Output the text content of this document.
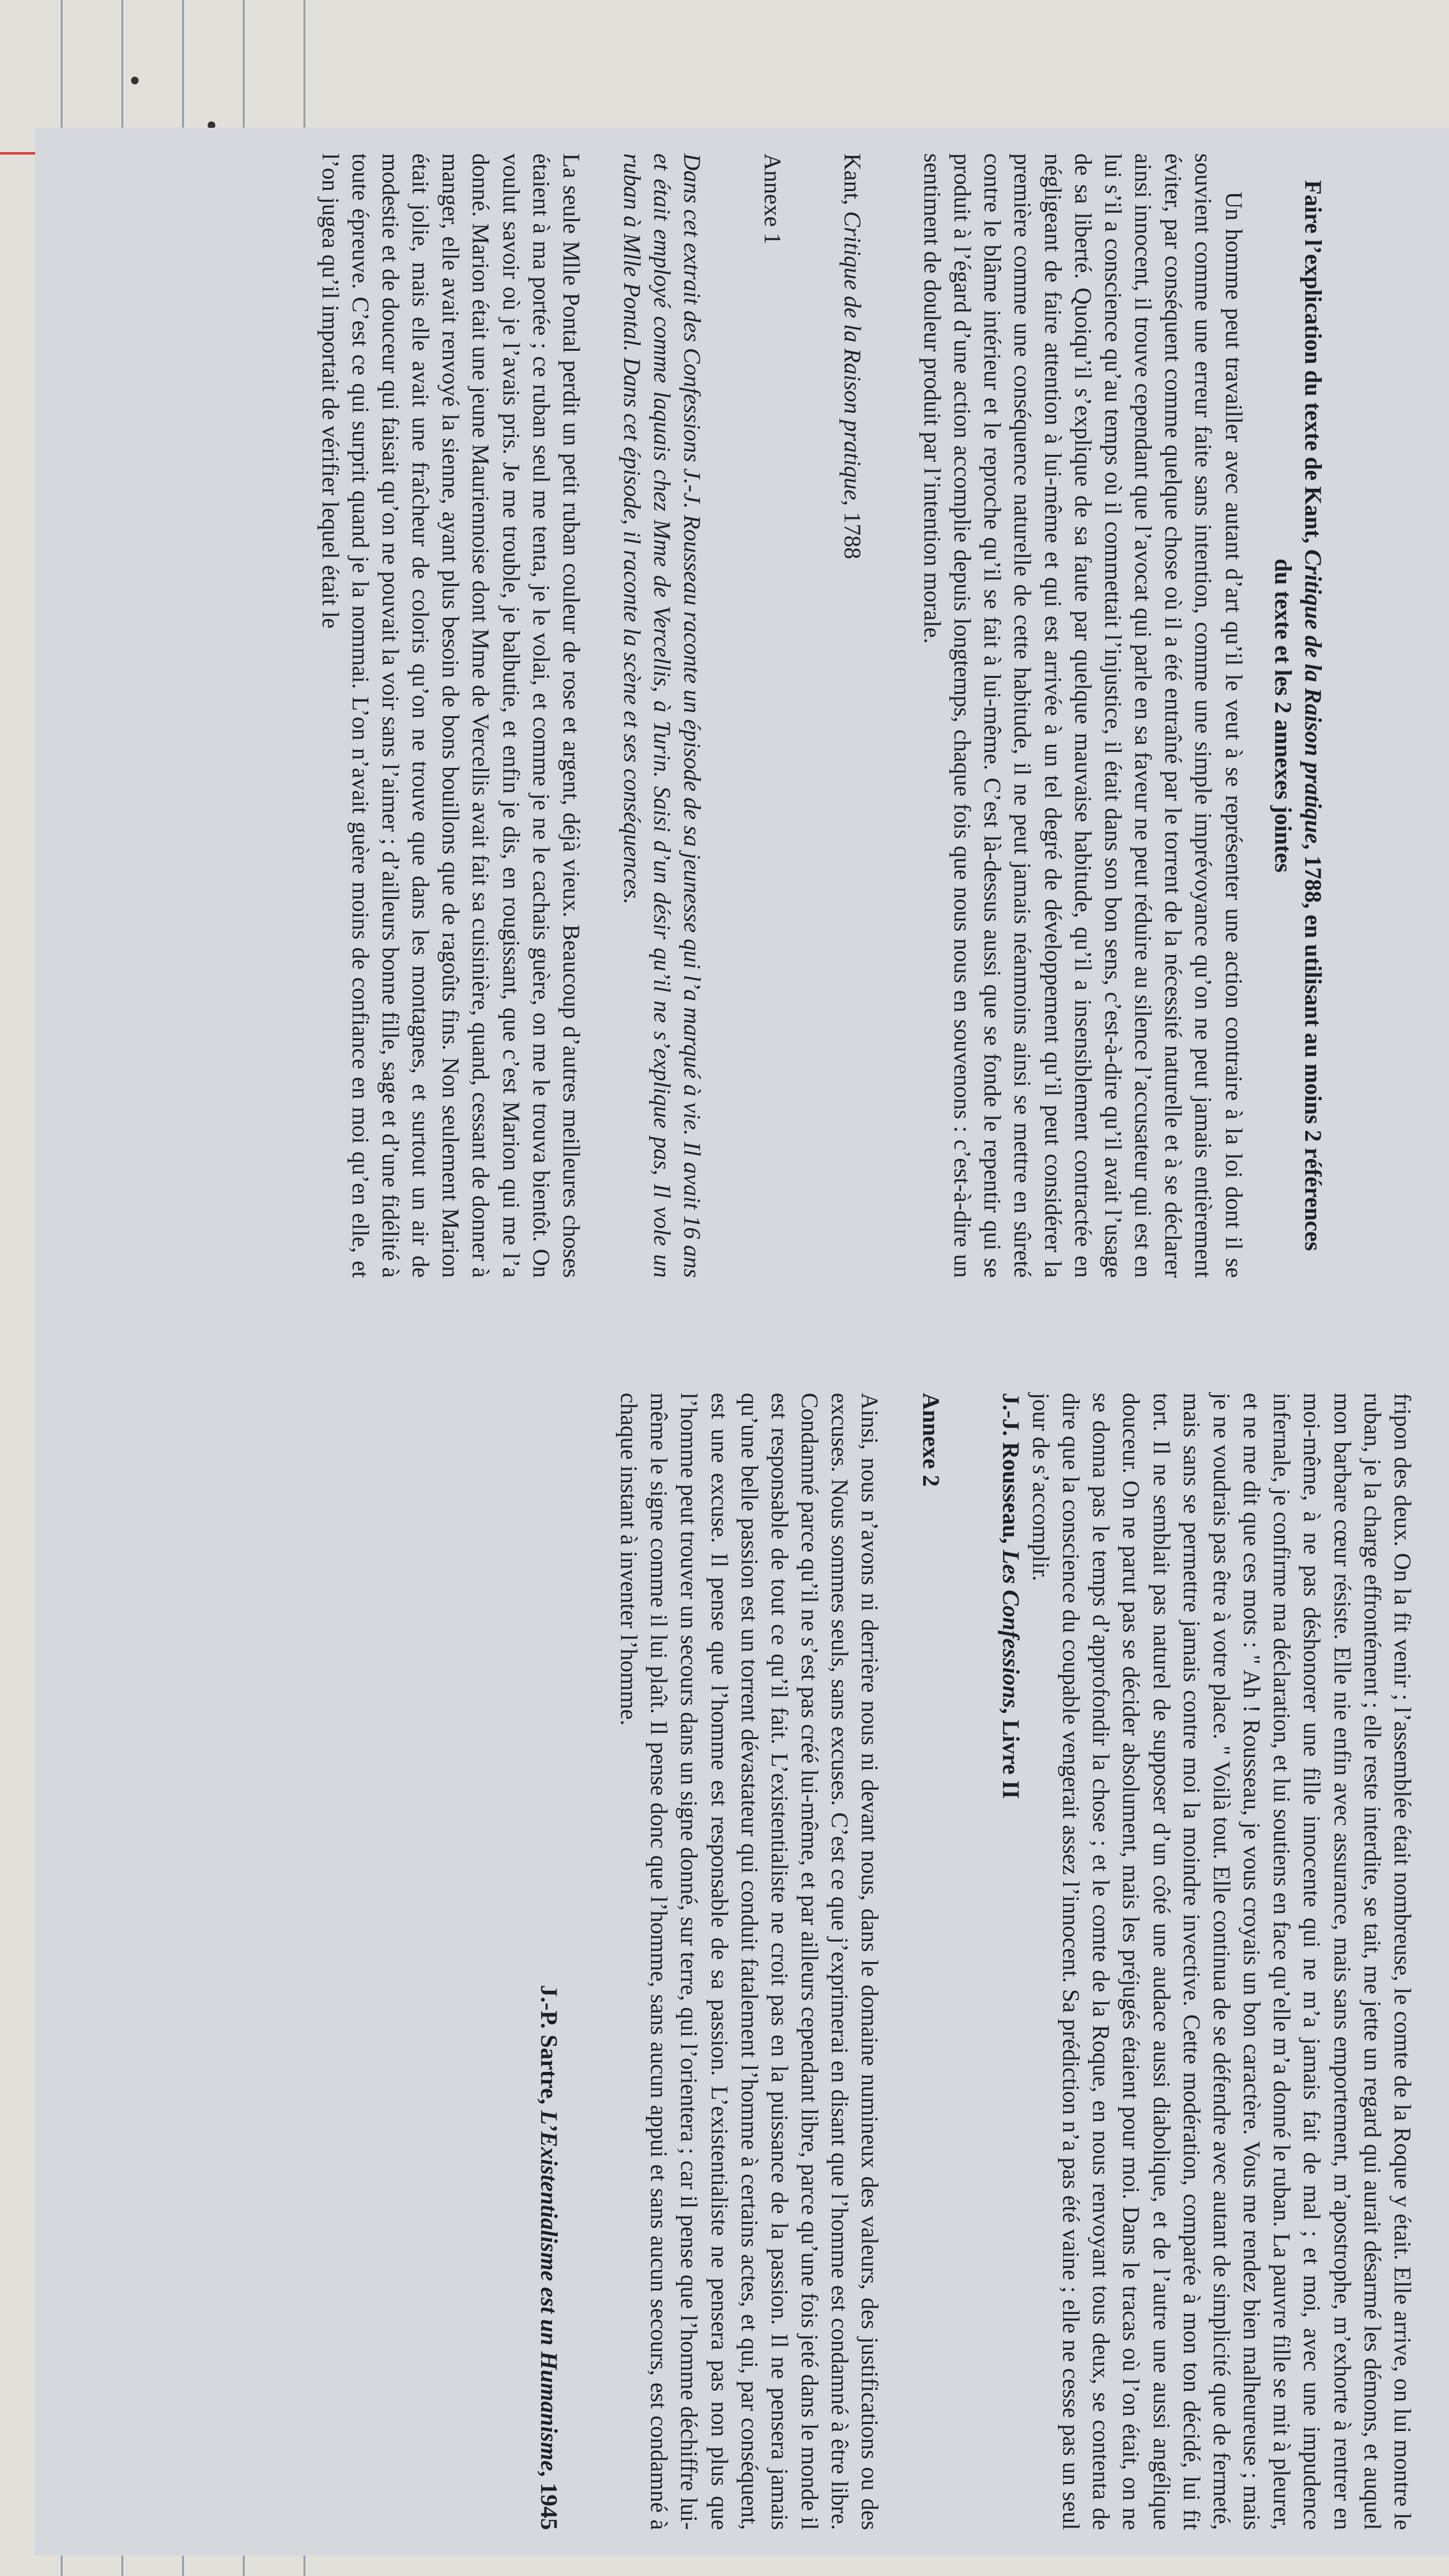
Faire l’explication du texte de Kant, Critique de la Raison pratique, 1788, en utilisant au moins 2 références du texte et les 2 annexes jointes

Un homme peut travailler avec autant d’art qu’il le veut à se représenter une action contraire à la loi dont il se souvient comme une erreur faite sans intention, comme une simple imprévoyance qu’on ne peut jamais entièrement éviter, par conséquent comme quelque chose où il a été entraîné par le torrent de la nécessité naturelle et à se déclarer ainsi innocent, il trouve cependant que l’avocat qui parle en sa faveur ne peut réduire au silence l’accusateur qui est en lui s’il a conscience qu’au temps où il commettait l’injustice, il était dans son bon sens, c’est-à-dire qu’il avait l’usage de sa liberté. Quoiqu’il s’explique de sa faute par quelque mauvaise habitude, qu’il a insensiblement contractée en négligeant de faire attention à lui-même et qui est arrivée à un tel degré de développement qu’il peut considérer la première comme une conséquence naturelle de cette habitude, il ne peut jamais néanmoins ainsi se mettre en sûreté contre le blâme intérieur et le reproche qu’il se fait à lui-même. C’est là-dessus aussi que se fonde le repentir qui se produit à l’égard d’une action accomplie depuis longtemps, chaque fois que nous nous en souvenons : c’est-à-dire un sentiment de douleur produit par l’intention morale.

Kant, Critique de la Raison pratique, 1788

Annexe 1

Dans cet extrait des Confessions J.-J. Rousseau raconte un épisode de sa jeunesse qui l’a marqué à vie. Il avait 16 ans et était employé comme laquais chez Mme de Vercellis, à Turin. Saisi d’un désir qu’il ne s’explique pas, Il vole un ruban à Mlle Pontal. Dans cet épisode, il raconte la scène et ses conséquences.

La seule Mlle Pontal perdit un petit ruban couleur de rose et argent, déjà vieux. Beaucoup d’autres meilleures choses étaient à ma portée ; ce ruban seul me tenta, je le volai, et comme je ne le cachais guère, on me le trouva bientôt. On voulut savoir où je l’avais pris. Je me trouble, je balbutie, et enfin je dis, en rougissant, que c’est Marion qui me l’a donné. Marion était une jeune Mauriennoise dont Mme de Vercellis avait fait sa cuisinière, quand, cessant de donner à manger, elle avait renvoyé la sienne, ayant plus besoin de bons bouillons que de ragoûts fins. Non seulement Marion était jolie, mais elle avait une fraîcheur de coloris qu’on ne trouve que dans les montagnes, et surtout un air de modestie et de douceur qui faisait qu’on ne pouvait la voir sans l’aimer ; d’ailleurs bonne fille, sage et d’une fidélité à toute épreuve. C’est ce qui surprit quand je la nommai. L’on n’avait guère moins de confiance en moi qu’en elle, et l’on jugea qu’il importait de vérifier lequel était le

fripon des deux. On la fit venir ; l’assemblée était nombreuse, le comte de la Roque y était. Elle arrive, on lui montre le ruban, je la charge effrontément ; elle reste interdite, se tait, me jette un regard qui aurait désarmé les démons, et auquel mon barbare cœur résiste. Elle nie enfin avec assurance, mais sans emportement, m’apostrophe, m’exhorte à rentrer en moi-même, à ne pas déshonorer une fille innocente qui ne m’a jamais fait de mal ; et moi, avec une impudence infernale, je confirme ma déclaration, et lui soutiens en face qu’elle m’a donné le ruban. La pauvre fille se mit à pleurer, et ne me dit que ces mots : " Ah ! Rousseau, je vous croyais un bon caractère. Vous me rendez bien malheureuse ; mais je ne voudrais pas être à votre place. " Voilà tout. Elle continua de se défendre avec autant de simplicité que de fermeté, mais sans se permettre jamais contre moi la moindre invective. Cette modération, comparée à mon ton décidé, lui fit tort. Il ne semblait pas naturel de supposer d’un côté une audace aussi diabolique, et de l’autre une aussi angélique douceur. On ne parut pas se décider absolument, mais les préjugés étaient pour moi. Dans le tracas où l’on était, on ne se donna pas le temps d’approfondir la chose ; et le comte de la Roque, en nous renvoyant tous deux, se contenta de dire que la conscience du coupable vengerait assez l’innocent. Sa prédiction n’a pas été vaine ; elle ne cesse pas un seul jour de s’accomplir.

J.-J. Rousseau, Les Confessions, Livre II

Annexe 2

Ainsi, nous n’avons ni derrière nous ni devant nous, dans le domaine numineux des valeurs, des justifications ou des excuses. Nous sommes seuls, sans excuses. C’est ce que j’exprimerai en disant que l’homme est condamné à être libre. Condamné parce qu’il ne s’est pas créé lui-même, et par ailleurs cependant libre, parce qu’une fois jeté dans le monde il est responsable de tout ce qu’il fait. L’existentialiste ne croit pas en la puissance de la passion. Il ne pensera jamais qu’une belle passion est un torrent dévastateur qui conduit fatalement l’homme à certains actes, et qui, par conséquent, est une excuse. Il pense que l’homme est responsable de sa passion. L’existentialiste ne pensera pas non plus que l’homme peut trouver un secours dans un signe donné, sur terre, qui l’orientera ; car il pense que l’homme déchiffre lui-même le signe comme il lui plaît. Il pense donc que l’homme, sans aucun appui et sans aucun secours, est condamné à chaque instant à inventer l’homme.

J.-P. Sartre, L’Existentialisme est un Humanisme, 1945
